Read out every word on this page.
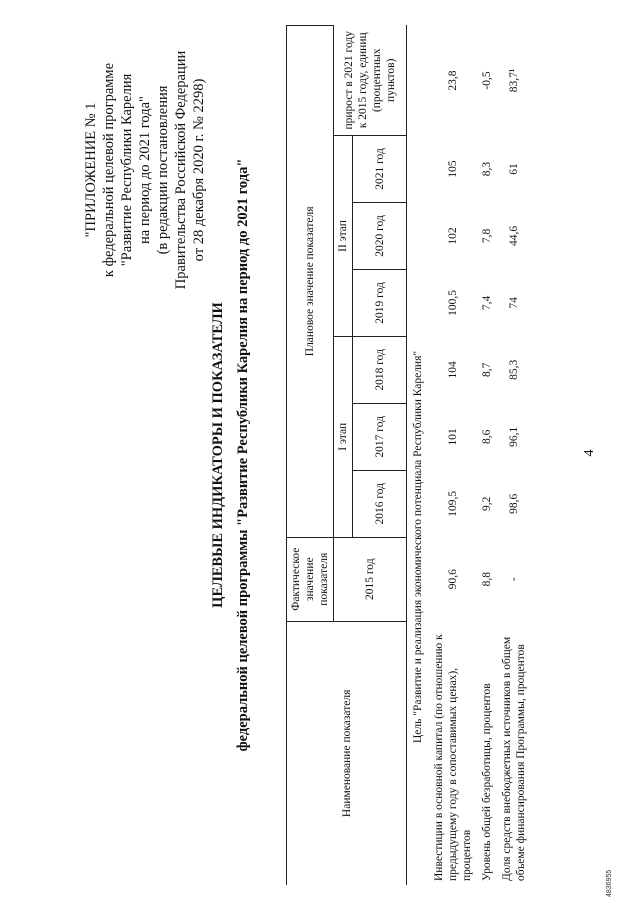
4
"ПРИЛОЖЕНИЕ № 1 к федеральной целевой программе "Развитие Республики Карелия на период до 2021 года" (в редакции постановления Правительства Российской Федерации от 28 декабря 2020 г. № 2298)
ЦЕЛЕВЫЕ ИНДИКАТОРЫ И ПОКАЗАТЕЛИ федеральной целевой программы "Развитие Республики Карелия на период до 2021 года"
Наименование показателя	Фактическое значение показателя	Плановое значение показателя						
	2015 год	I этап			II этап			прирост в 2021 году к 2015 году, единиц (процентных пунктов)
		2016 год	2017 год	2018 год	2019 год	2020 год	2021 год	
Цель "Развитие и реализация экономического потенциала Республики Карелия"								
Инвестиции в основной капитал (по отношению к предыдущему году в сопоставимых ценах), процентов	90,6	109,5	101	104	100,5	102	105	23,8
Уровень общей безработицы, процентов	8,8	9,2	8,6	8,7	7,4	7,8	8,3	-0,5
Доля средств внебюджетных источников в общем объеме финансирования Программы, процентов	-	98,6	96,1	85,3	74	44,6	61	83,7¹
4836955
